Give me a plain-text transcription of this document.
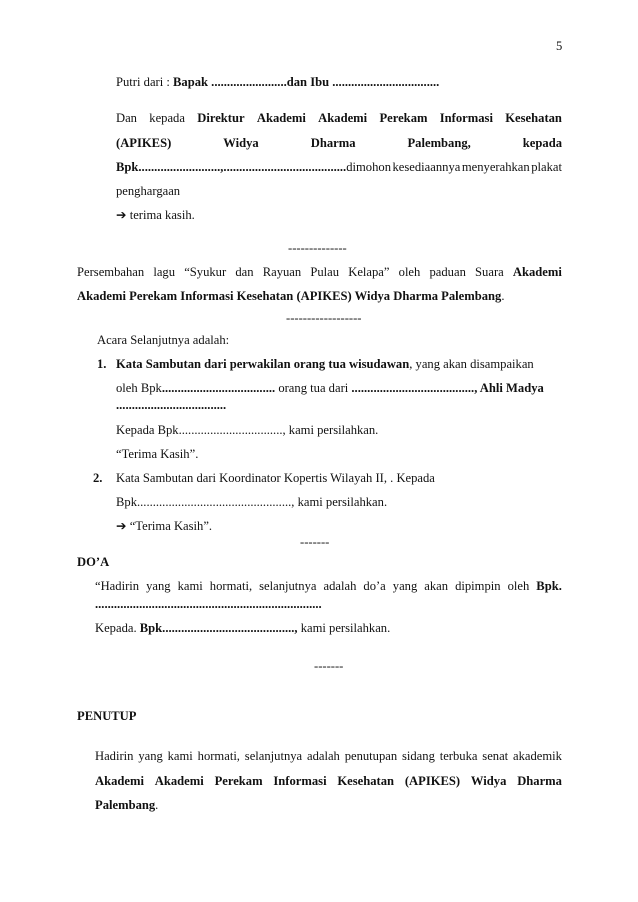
5
Putri dari : Bapak ........................dan Ibu ..................................
Dan kepada Direktur Akademi Akademi Perekam Informasi Kesehatan
(APIKES)	Widya	Dharma	Palembang,	kepada
Bpk..........................,.......................................dimohon kesediaannya menyerahkan plakat
penghargaan
➔ terima kasih.
--------------
Persembahan lagu “Syukur dan Rayuan Pulau Kelapa” oleh paduan Suara Akademi
Akademi Perekam Informasi Kesehatan (APIKES) Widya Dharma Palembang.
------------------
Acara Selanjutnya adalah:
1. Kata Sambutan dari perwakilan orang tua wisudawan, yang akan disampaikan
oleh Bpk.................................... orang tua dari ......................................., Ahli Madya
...................................
Kepada Bpk................................., kami persilahkan.
“Terima Kasih”.
2. Kata Sambutan dari Koordinator Kopertis Wilayah II, . Kepada
Bpk................................................., kami persilahkan.
➔ “Terima Kasih”.
-------
DO’A
“Hadirin yang kami hormati, selanjutnya adalah do’a yang akan dipimpin oleh Bpk.
........................................................................
Kepada. Bpk.........................................., kami persilahkan.
-------
PENUTUP
Hadirin yang kami hormati, selanjutnya adalah penutupan sidang terbuka senat akademik
Akademi Akademi Perekam Informasi Kesehatan (APIKES) Widya Dharma
Palembang.
